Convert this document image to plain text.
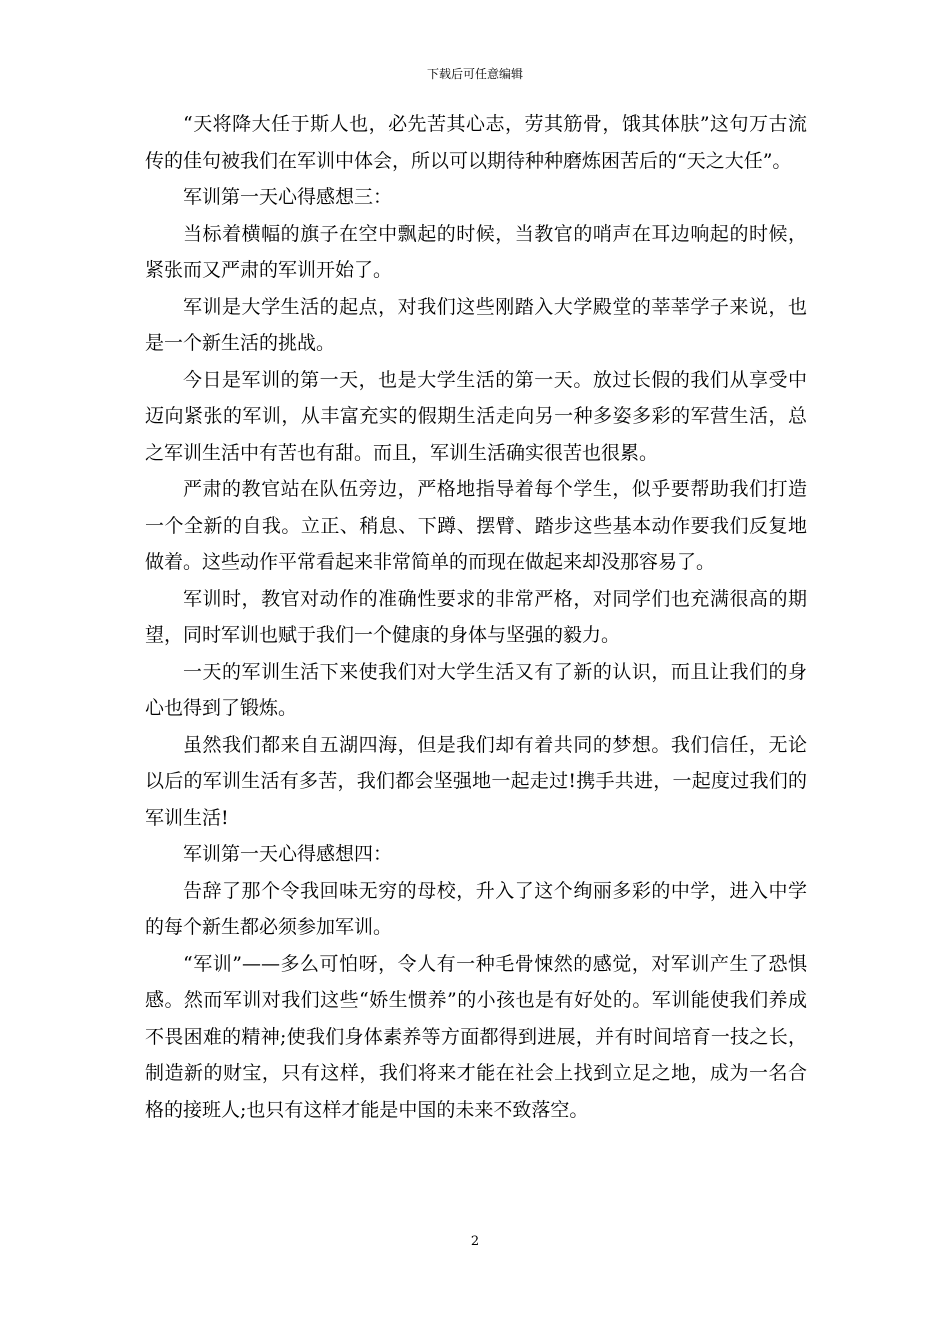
下载后可任意编辑

“天将降大任于斯人也，必先苦其心志，劳其筋骨，饿其体肤”这句万古流传的佳句被我们在军训中体会，所以可以期待种种磨炼困苦后的“天之大任”。

军训第一天心得感想三：

当标着横幅的旗子在空中飘起的时候，当教官的哨声在耳边响起的时候，紧张而又严肃的军训开始了。

军训是大学生活的起点，对我们这些刚踏入大学殿堂的莘莘学子来说，也是一个新生活的挑战。

今日是军训的第一天，也是大学生活的第一天。放过长假的我们从享受中迈向紧张的军训，从丰富充实的假期生活走向另一种多姿多彩的军营生活，总之军训生活中有苦也有甜。而且，军训生活确实很苦也很累。

严肃的教官站在队伍旁边，严格地指导着每个学生，似乎要帮助我们打造一个全新的自我。立正、稍息、下蹲、摆臂、踏步这些基本动作要我们反复地做着。这些动作平常看起来非常简单的而现在做起来却没那容易了。

军训时，教官对动作的准确性要求的非常严格，对同学们也充满很高的期望，同时军训也赋于我们一个健康的身体与坚强的毅力。

一天的军训生活下来使我们对大学生活又有了新的认识，而且让我们的身心也得到了锻炼。

虽然我们都来自五湖四海，但是我们却有着共同的梦想。我们信任，无论以后的军训生活有多苦，我们都会坚强地一起走过!携手共进，一起度过我们的军训生活!

军训第一天心得感想四：

告辞了那个令我回味无穷的母校，升入了这个绚丽多彩的中学，进入中学的每个新生都必须参加军训。

“军训”——多么可怕呀，令人有一种毛骨悚然的感觉，对军训产生了恐惧感。然而军训对我们这些“娇生惯养”的小孩也是有好处的。军训能使我们养成不畏困难的精神;使我们身体素养等方面都得到进展，并有时间培育一技之长，制造新的财宝，只有这样，我们将来才能在社会上找到立足之地，成为一名合格的接班人;也只有这样才能是中国的未来不致落空。

2
